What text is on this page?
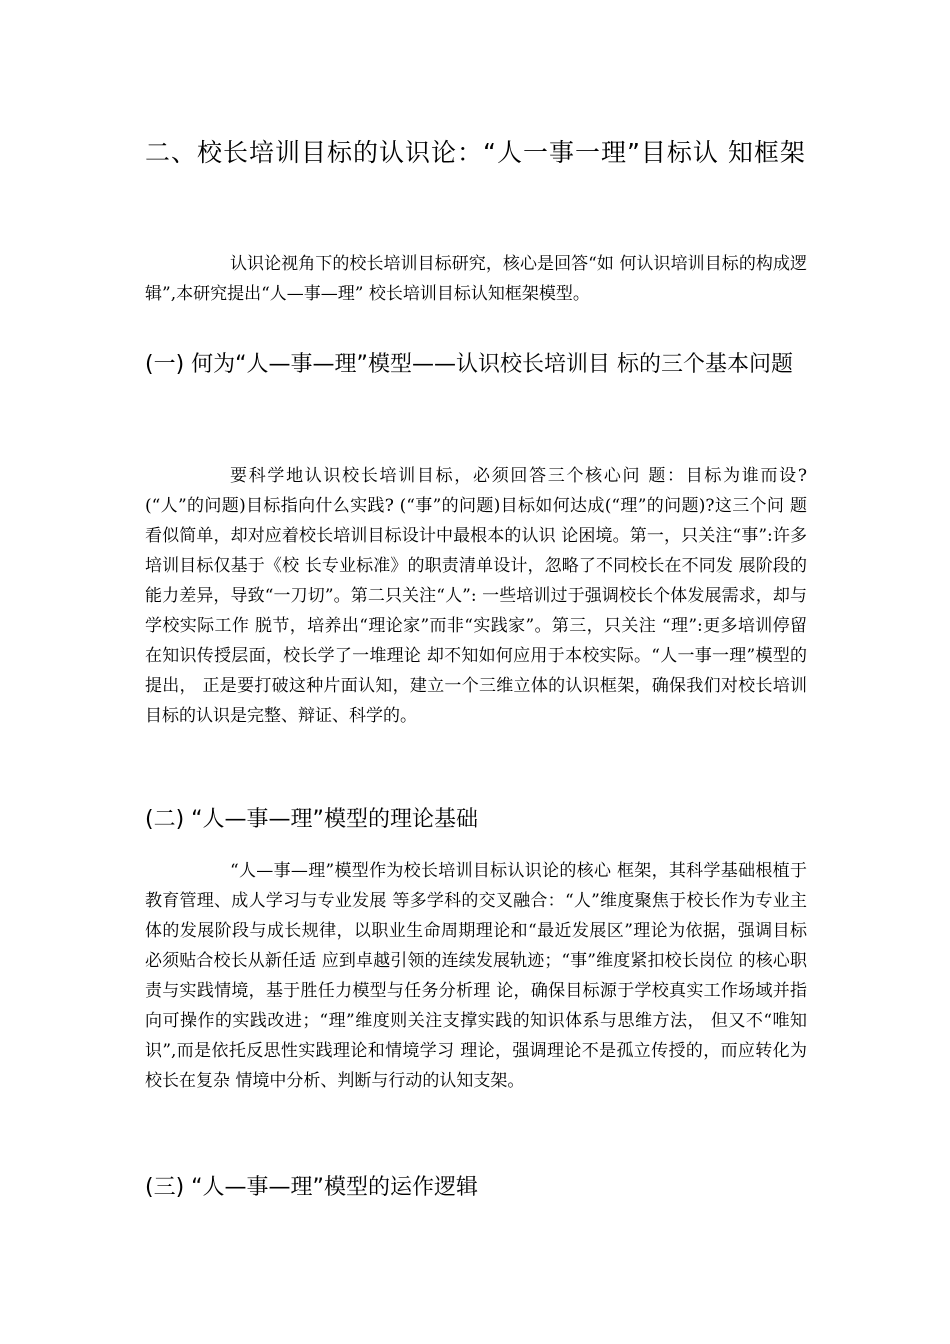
二、校长培训目标的认识论：“人一事一理”目标认 知框架

认识论视角下的校长培训目标研究，核心是回答“如 何认识培训目标的构成逻辑”,本研究提出“人—事—理” 校长培训目标认知框架模型。

(一) 何为“人—事—理”模型——认识校长培训目 标的三个基本问题

要科学地认识校长培训目标，必须回答三个核心问 题：目标为谁而设?(“人”的问题)目标指向什么实践? (“事”的问题)目标如何达成(“理”的问题)?这三个问 题看似简单，却对应着校长培训目标设计中最根本的认识 论困境。第一，只关注“事”:许多培训目标仅基于《校 长专业标准》的职责清单设计，忽略了不同校长在不同发 展阶段的能力差异，导致“一刀切”。第二只关注“人”: 一些培训过于强调校长个体发展需求，却与学校实际工作 脱节，培养出“理论家”而非“实践家”。第三，只关注 “理”:更多培训停留在知识传授层面，校长学了一堆理论 却不知如何应用于本校实际。“人一事一理”模型的提出， 正是要打破这种片面认知，建立一个三维立体的认识框架，确保我们对校长培训目标的认识是完整、辩证、科学的。

(二) “人—事—理”模型的理论基础

“人—事—理”模型作为校长培训目标认识论的核心 框架，其科学基础根植于教育管理、成人学习与专业发展 等多学科的交叉融合：“人”维度聚焦于校长作为专业主 体的发展阶段与成长规律，以职业生命周期理论和“最近发展区”理论为依据，强调目标必须贴合校长从新任适 应到卓越引领的连续发展轨迹；“事”维度紧扣校长岗位 的核心职责与实践情境，基于胜任力模型与任务分析理 论，确保目标源于学校真实工作场域并指向可操作的实践改进；“理”维度则关注支撑实践的知识体系与思维方法， 但又不“唯知识”,而是依托反思性实践理论和情境学习 理论，强调理论不是孤立传授的，而应转化为校长在复杂 情境中分析、判断与行动的认知支架。

(三) “人—事—理”模型的运作逻辑
